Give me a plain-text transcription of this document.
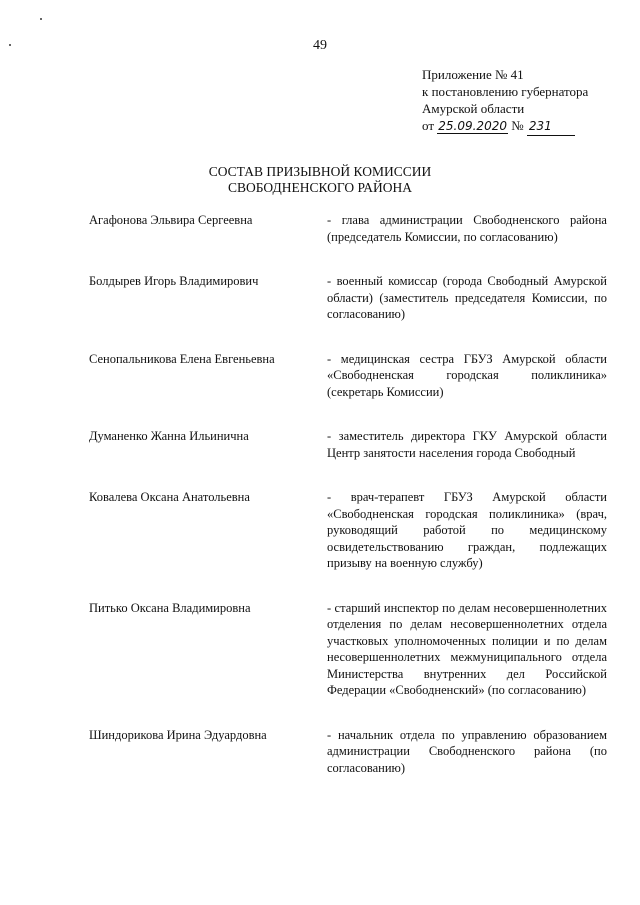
49
Приложение № 41
к постановлению губернатора
Амурской области
от 25.09.2020 № 231
СОСТАВ ПРИЗЫВНОЙ КОМИССИИ
СВОБОДНЕНСКОГО РАЙОНА
Агафонова Эльвира Сергеевна	- глава администрации Свободненского района (председатель Комиссии, по согласованию)
Болдырев Игорь Владимирович	- военный комиссар (города Свободный Амурской области) (заместитель председателя Комиссии, по согласованию)
Сенопальникова Елена Евгеньевна	- медицинская сестра ГБУЗ Амурской области «Свободненская городская поликлиника» (секретарь Комиссии)
Думаненко Жанна Ильинична	- заместитель директора ГКУ Амурской области Центр занятости населения города Свободный
Ковалева Оксана Анатольевна	- врач-терапевт ГБУЗ Амурской области «Свободненская городская поликлиника» (врач, руководящий работой по медицинскому освидетельствованию граждан, подлежащих призыву на военную службу)
Питько Оксана Владимировна	- старший инспектор по делам несовершеннолетних отделения по делам несовершеннолетних отдела участковых уполномоченных полиции и по делам несовершеннолетних межмуниципального отдела Министерства внутренних дел Российской Федерации «Свободненский» (по согласованию)
Шиндорикова Ирина Эдуардовна	- начальник отдела по управлению образованием администрации Свободненского района (по согласованию)
